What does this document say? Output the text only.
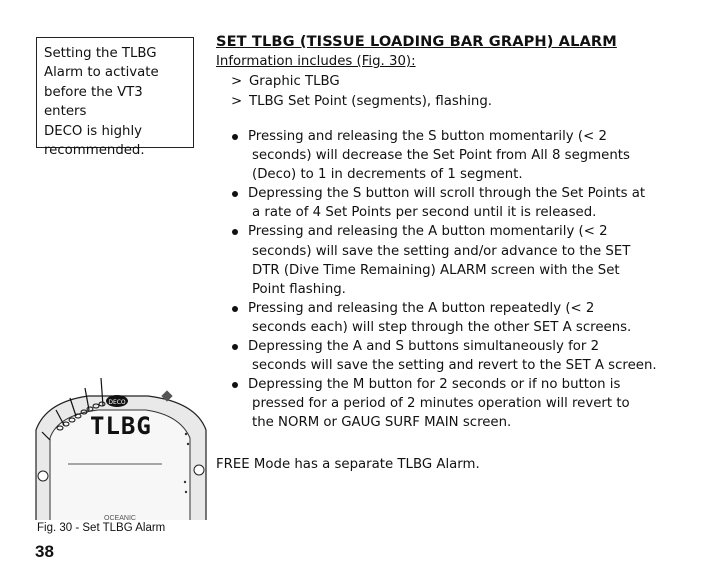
Setting the TLBG
Alarm to activate
before the VT3 enters
DECO is highly
recommended.
SET TLBG (TISSUE LOADING BAR GRAPH) ALARM
Information includes (Fig. 30):
> Graphic TLBG
> TLBG Set Point (segments), flashing.
Pressing and releasing the S button momentarily (< 2
seconds) will decrease the Set Point from All 8 segments
(Deco) to 1 in decrements of 1 segment.
Depressing the S button will scroll through the Set Points at
a rate of 4 Set Points per second until it is released.
Pressing and releasing the A button momentarily (< 2
seconds) will save the setting and/or advance to the SET
DTR (Dive Time Remaining) ALARM screen with the Set
Point flashing.
Pressing and releasing the A button repeatedly (< 2
seconds each) will step through the other SET A screens.
Depressing the A and S buttons simultaneously for 2
seconds will save the setting and revert to the SET A screen.
Depressing the M button for 2 seconds or if no button is
pressed for a period of 2 minutes operation will revert to
the NORM or GAUG SURF MAIN screen.
FREE Mode has a separate TLBG Alarm.
DECO
TLBG
OCEANIC
Fig. 30 - Set TLBG Alarm
38
